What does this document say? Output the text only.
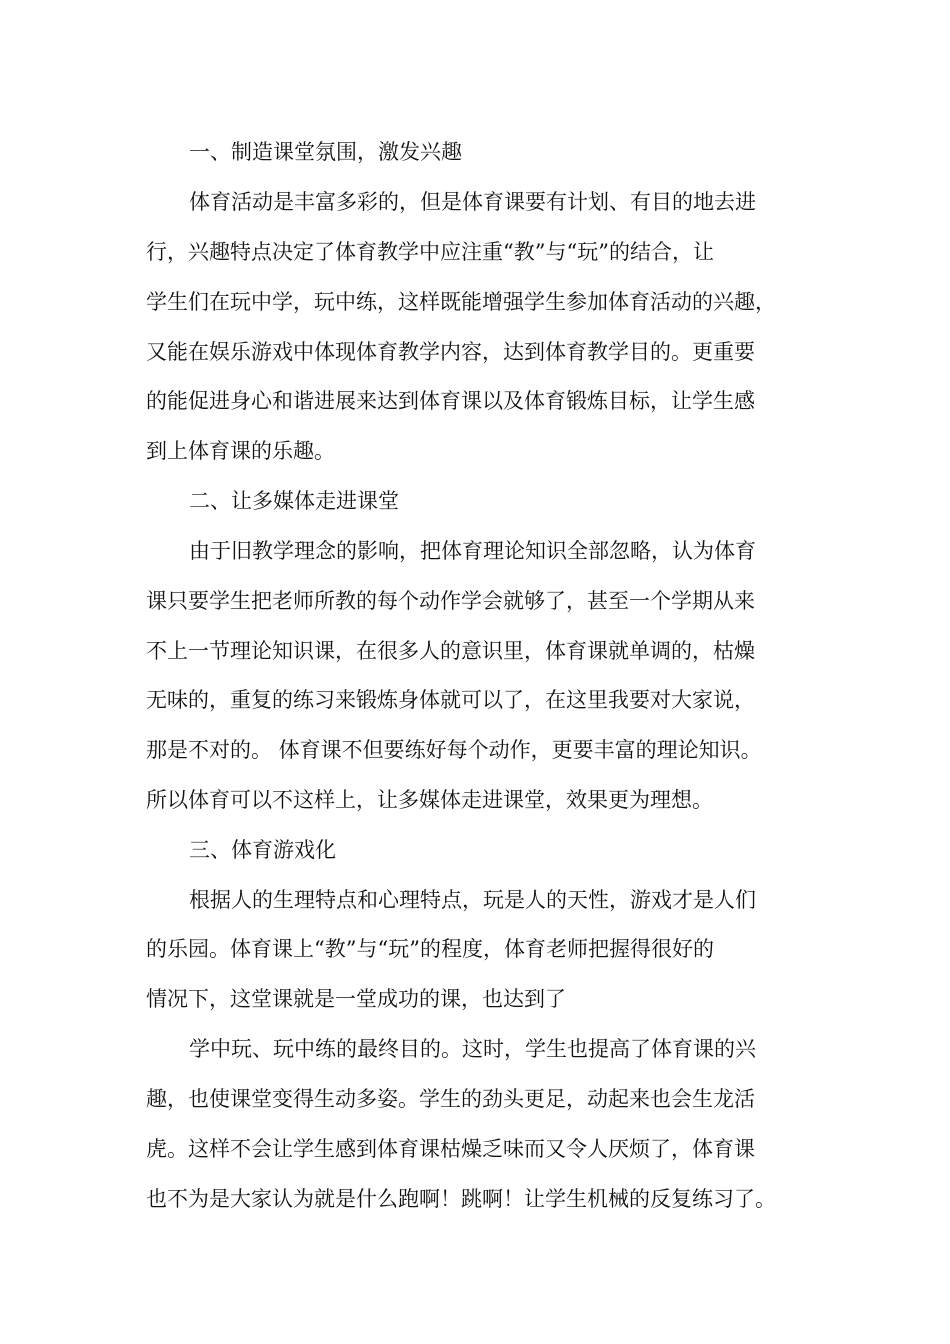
一、制造课堂氛围，激发兴趣
体育活动是丰富多彩的，但是体育课要有计划、有目的地去进
行，兴趣特点决定了体育教学中应注重“教”与“玩”的结合，让
学生们在玩中学，玩中练，这样既能增强学生参加体育活动的兴趣，
又能在娱乐游戏中体现体育教学内容，达到体育教学目的。更重要
的能促进身心和谐进展来达到体育课以及体育锻炼目标，让学生感
到上体育课的乐趣。
二、让多媒体走进课堂
由于旧教学理念的影响，把体育理论知识全部忽略，认为体育
课只要学生把老师所教的每个动作学会就够了，甚至一个学期从来
不上一节理论知识课，在很多人的意识里，体育课就单调的，枯燥
无味的，重复的练习来锻炼身体就可以了，在这里我要对大家说，
那是不对的。 体育课不但要练好每个动作，更要丰富的理论知识。
所以体育可以不这样上，让多媒体走进课堂，效果更为理想。
三、体育游戏化
根据人的生理特点和心理特点，玩是人的天性，游戏才是人们
的乐园。体育课上“教”与“玩”的程度，体育老师把握得很好的
情况下，这堂课就是一堂成功的课，也达到了
学中玩、玩中练的最终目的。这时，学生也提高了体育课的兴
趣，也使课堂变得生动多姿。学生的劲头更足，动起来也会生龙活
虎。这样不会让学生感到体育课枯燥乏味而又令人厌烦了，体育课
也不为是大家认为就是什么跑啊！跳啊！让学生机械的反复练习了。
